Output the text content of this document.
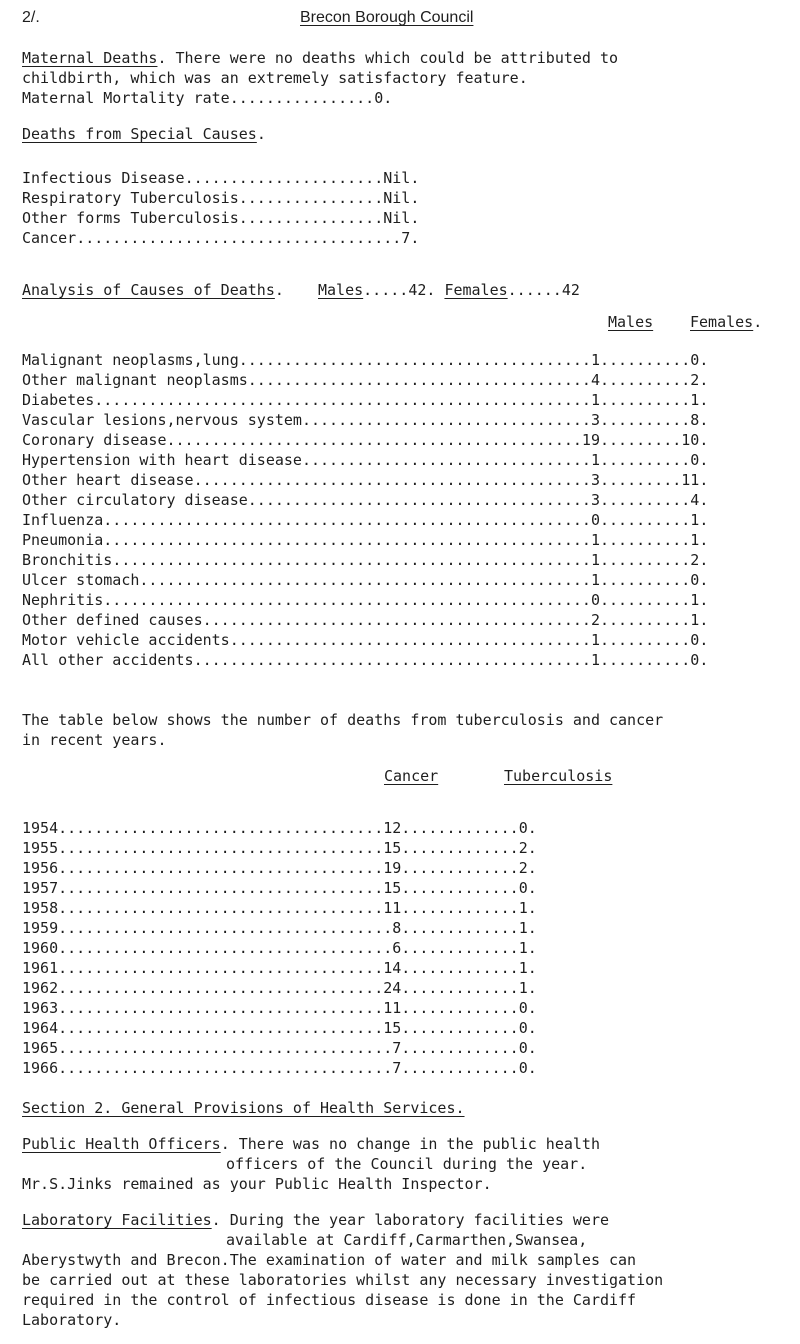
2/.	Brecon Borough Council
Maternal Deaths. There were no deaths which could be attributed to
childbirth, which was an extremely satisfactory feature.
Maternal Mortality rate................0.
Deaths from Special Causes.
Infectious Disease......................Nil.
Respiratory Tuberculosis................Nil.
Other forms Tuberculosis................Nil.
Cancer....................................7.
Analysis of Causes of Deaths. Males.....42. Females......42
Males Females.
Malignant neoplasms,lung.......................................1..........0.
Other malignant neoplasms......................................4..........2.
Diabetes.......................................................1..........1.
Vascular lesions,nervous system................................3..........8.
Coronary disease..............................................19.........10.
Hypertension with heart disease................................1..........0.
Other heart disease............................................3.........11.
Other circulatory disease......................................3..........4.
Influenza......................................................0..........1.
Pneumonia......................................................1..........1.
Bronchitis.....................................................1..........2.
Ulcer stomach..................................................1..........0.
Nephritis......................................................0..........1.
Other defined causes...........................................2..........1.
Motor vehicle accidents........................................1..........0.
All other accidents............................................1..........0.
The table below shows the number of deaths from tuberculosis and cancer
in recent years.
Cancer	Tuberculosis
1954....................................12.............0.
1955....................................15.............2.
1956....................................19.............2.
1957....................................15.............0.
1958....................................11.............1.
1959.....................................8.............1.
1960.....................................6.............1.
1961....................................14.............1.
1962....................................24.............1.
1963....................................11.............0.
1964....................................15.............0.
1965.....................................7.............0.
1966.....................................7.............0.
Section 2. General Provisions of Health Services.
Public Health Officers. There was no change in the public health
officers of the Council during the year.
Mr.S.Jinks remained as your Public Health Inspector.
Laboratory Facilities. During the year laboratory facilities were
available at Cardiff,Carmarthen,Swansea,
Aberystwyth and Brecon.The examination of water and milk samples can
be carried out at these laboratories whilst any necessary investigation
required in the control of infectious disease is done in the Cardiff
Laboratory.
